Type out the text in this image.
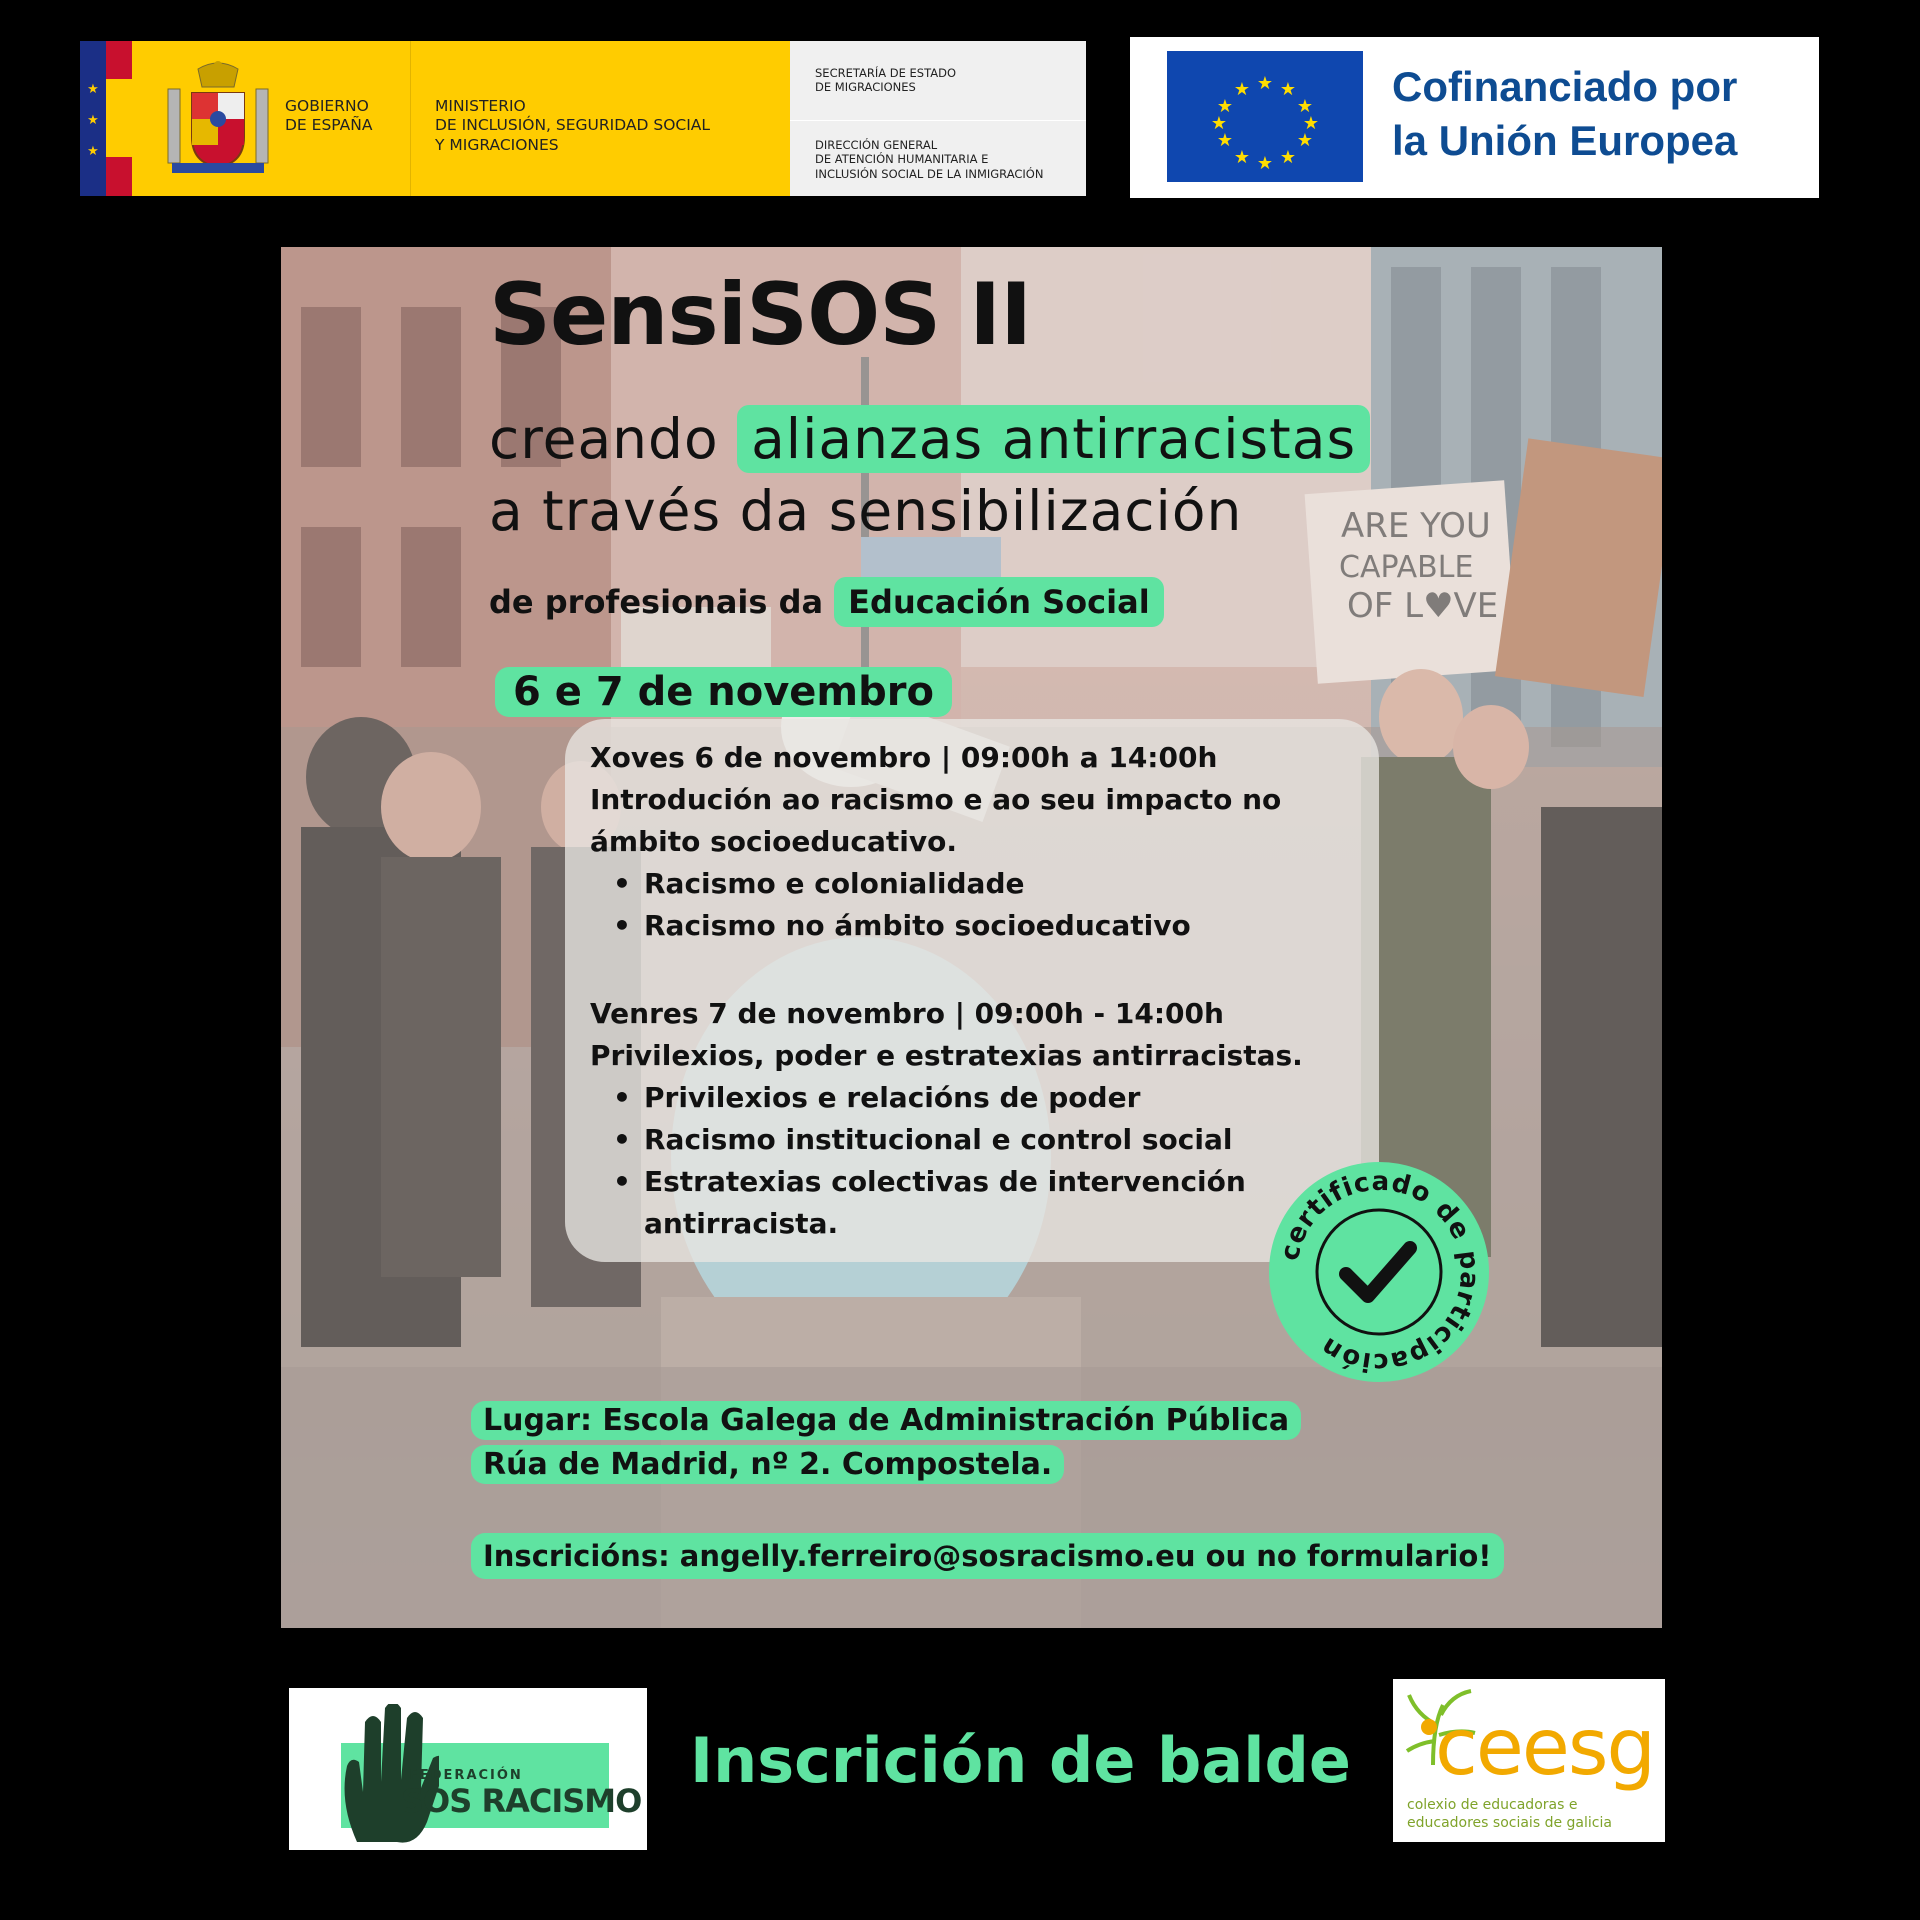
★
★
★
GOBIERNO
DE ESPAÑA
MINISTERIO
DE INCLUSIÓN, SEGURIDAD SOCIAL
Y MIGRACIONES
SECRETARÍA DE ESTADO
DE MIGRACIONES
DIRECCIÓN GENERAL
DE ATENCIÓN HUMANITARIA E
INCLUSIÓN SOCIAL DE LA INMIGRACIÓN
★ ★
★
★
★
★
★
★
★
★
★
★	Cofinanciado por
la Unión Europea
ARE YOU
CAPABLE
OF L♥VE
SensiSOS II
creando alianzas antirracistas
a través da sensibilización
de profesionais da Educación Social
6 e 7 de novembro
Xoves 6 de novembro | 09:00h a 14:00h
Introdución ao racismo e ao seu impacto no
ámbito socioeducativo.
• Racismo e colonialidade
• Racismo no ámbito socioeducativo
Venres 7 de novembro | 09:00h - 14:00h
Privilexios, poder e estratexias antirracistas.
• Privilexios e relacións de poder
• Racismo institucional e control social
• Estratexias colectivas de intervención
antirracista.
certificado de participación
Lugar: Escola Galega de Administración Pública
Rúa de Madrid, nº 2. Compostela.
Inscricións: angelly.ferreiro@sosracismo.eu ou no formulario!
FEDERACIÓN
SOS RACISMO
Inscrición de balde ceesg
colexio de educadoras e
educadores sociais de galicia
